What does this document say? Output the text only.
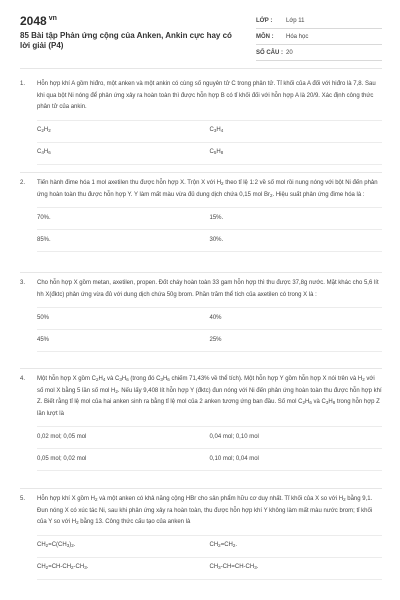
2048 $^{vn}$
85 Bài tập Phản ứng cộng của Anken, Ankin cực hay có lời giải (P4)
LỚP :	Lớp 11
MÔN :	Hóa học
SỐ CÂU : 20
1. Hỗn hợp khí A gồm hiđro, một anken và một ankin có cùng số nguyên tử C trong phân tử. Tỉ khối của A đối với hiđro là 7,8. Sau khi qua bột Ni nóng để phản ứng xảy ra hoàn toàn thì được hỗn hợp B có tỉ khối đối với hỗn hợp A là 20/9. Xác định công thức phân tử của ankin.
$C_2H_2$	$C_3H_4$
$C_4H_6$	$C_5H_8$
2. Tiến hành đime hóa 1 mol axetilen thu được hỗn hợp X. Trộn X với $H_2$ theo tỉ lệ 1:2 về số mol rồi nung nóng với bột Ni đến phản ứng hoàn toàn thu được hỗn hợp Y. Y làm mất màu vừa đủ dung dịch chứa 0,15 mol $Br_2$. Hiệu suất phản ứng đime hóa là :
70%.	15%.
85%.	30%.
3. Cho hỗn hợp X gồm metan, axetilen, propen. Đốt cháy hoàn toàn 33 gam hỗn hợp thì thu được 37,8g nước. Mặt khác cho 5,6 lít hh X(đktc) phản ứng vừa đủ với dung dịch chứa 50g brom. Phần trăm thể tích của axetilen có trong X là :
50%	40%
45%	25%
4. Một hỗn hợp X gồm $C_2H_4$ và $C_3H_6$ (trong đó $C_3H_6$ chiếm 71,43% về thể tích). Một hỗn hợp Y gồm hỗn hợp X nói trên và $H_2$ với số mol X bằng 5 lần số mol $H_2$. Nếu lấy 9,408 lít hỗn hợp Y (đktc) đun nóng với Ni đến phản ứng hoàn toàn thu được hỗn hợp khí Z. Biết rằng tỉ lệ mol của hai anken sinh ra bằng tỉ lệ mol của 2 anken tương ứng ban đầu. Số mol $C_2H_6$ và $C_3H_8$ trong hỗn hợp Z lần lượt là
0,02 mol; 0,05 mol	0,04 mol; 0,10 mol
0,05 mol; 0,02 mol	0,10 mol; 0,04 mol
5. Hỗn hợp khí X gồm $H_2$ và một anken có khả năng cộng HBr cho sản phẩm hữu cơ duy nhất. Tỉ khối của X so với $H_2$ bằng 9,1. Đun nóng X có xúc tác Ni, sau khi phản ứng xảy ra hoàn toàn, thu được hỗn hợp khí Y không làm mất màu nước brom; tỉ khối của Y so với $H_2$ bằng 13. Công thức cấu tạo của anken là
$CH_2=C(CH_3)_2$.	$CH_2=CH_2$.
$CH_2=CH-CH_2-CH_3$.	$CH_3-CH=CH-CH_3$.
